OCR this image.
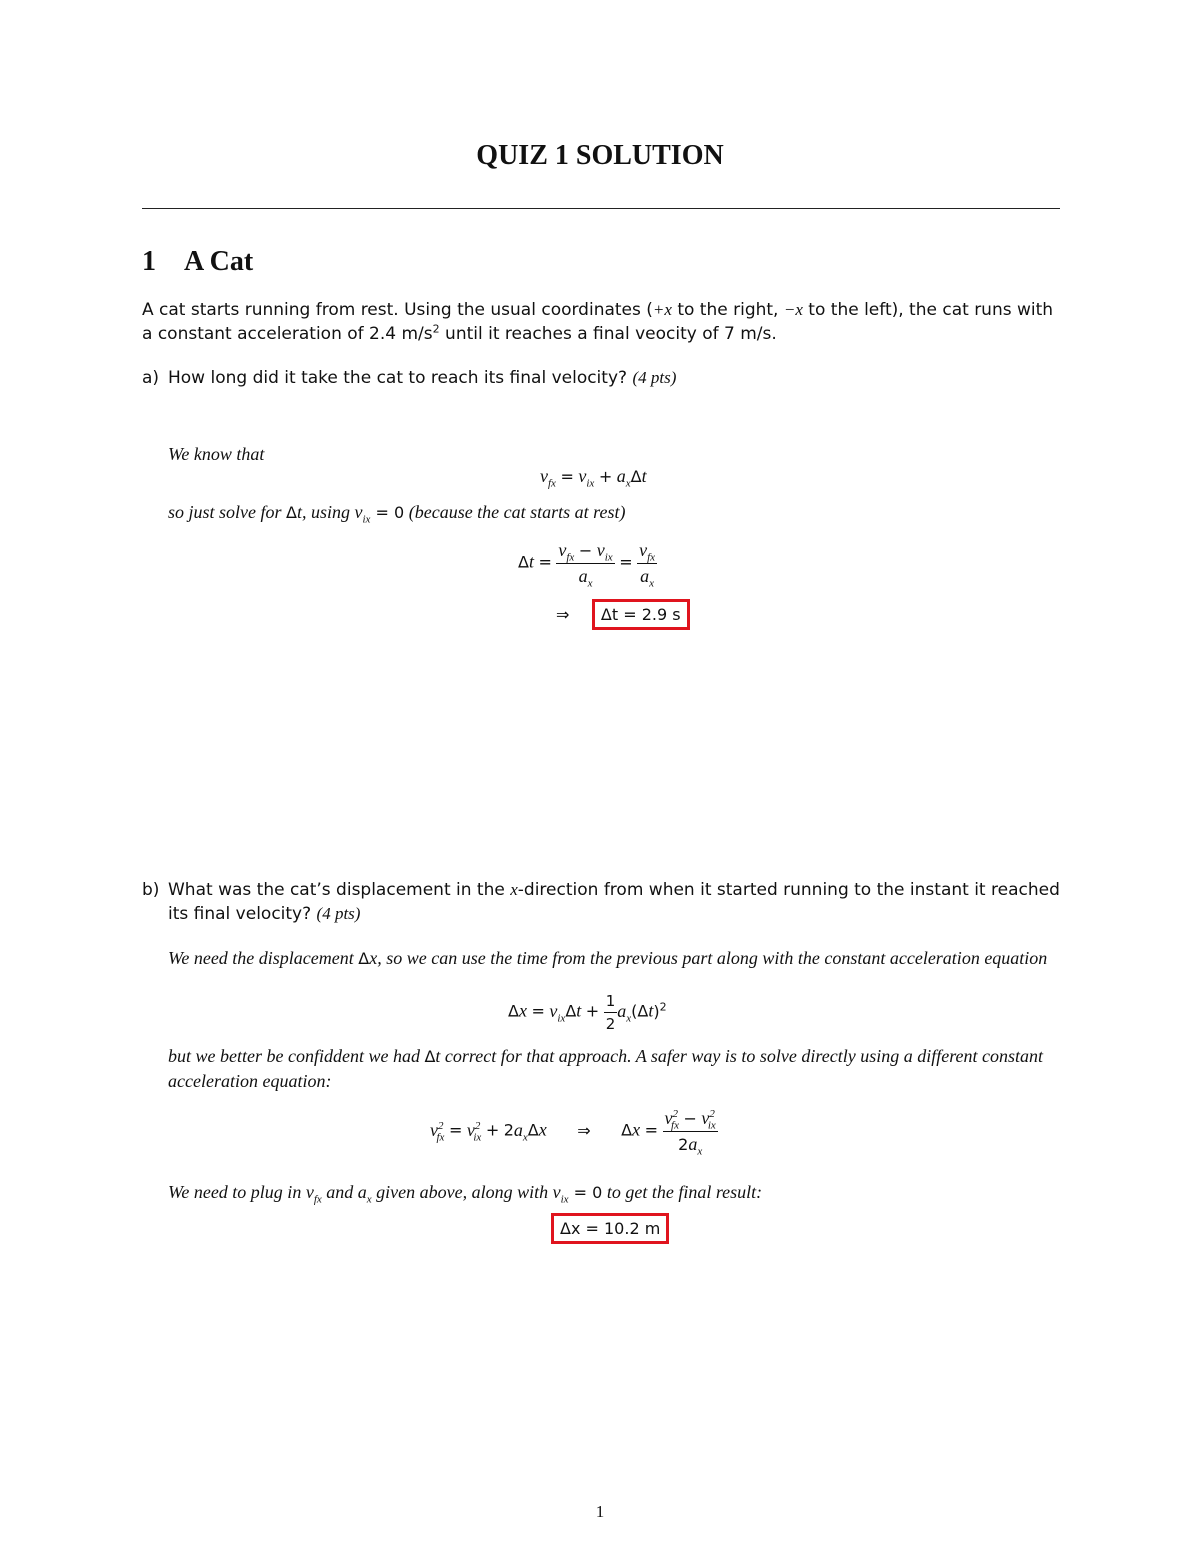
QUIZ 1 SOLUTION
1 A Cat
A cat starts running from rest. Using the usual coordinates (+x to the right, −x to the left), the cat runs with a constant acceleration of 2.4 $m/s^2$ until it reaches a final veocity of 7 m/s.
a) How long did it take the cat to reach its final velocity? (4 pts)
We know that
$v_{fx} = v_{ix} + a_x\Delta t$
so just solve for Δt, using $v_{ix} = 0$ (because the cat starts at rest)
$\Delta t = \frac{v_{fx} - v_{ix}}{a_x} = \frac{v_{fx}}{a_x}$
⇒ Δt = 2.9 s
b) What was the cat’s displacement in the x-direction from when it started running to the instant it reached its final velocity? (4 pts)
We need the displacement Δx, so we can use the time from the previous part along with the constant acceleration equation
$\Delta x = v_{ix}\Delta t + \frac{1}{2} a_x(\Delta t)^2$
but we better be confiddent we had Δt correct for that approach. A safer way is to solve directly using a different constant acceleration equation:
$v^2_{fx} = v^2_{ix} + 2a_x\Delta x$ ⇒ $\Delta x = \frac{v^2_{fx} - v^2_{ix}}{2a_x}$
We need to plug in $v_{fx}$ and $a_x$ given above, along with $v_{ix} = 0$ to get the final result:
Δx = 10.2 m
1
